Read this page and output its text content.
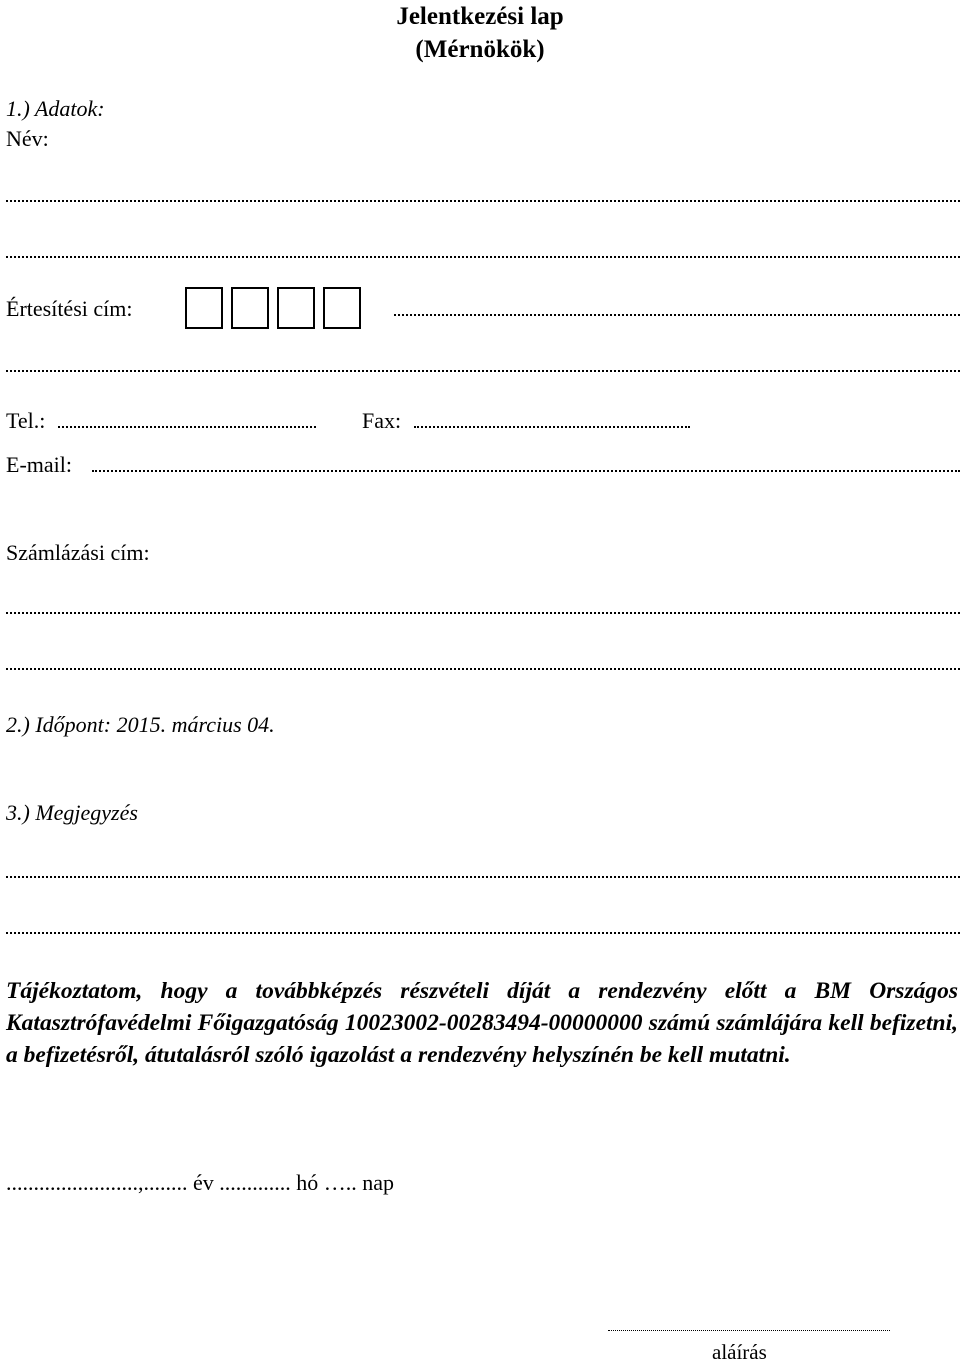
Jelentkezési lap
(Mérnökök)
1.) Adatok:
Név:
Értesítési cím:
Tel.:	Fax:
E-mail:
Számlázási cím:
2.) Időpont: 2015. március 04.
3.) Megjegyzés
Tájékoztatom, hogy a továbbképzés részvételi díját a rendezvény előtt a BM Országos Katasztrófavédelmi Főigazgatóság 10023002-00283494-00000000 számú számlájára kell befizetni, a befizetésről, átutalásról szóló igazolást a rendezvény helyszínén be kell mutatni.
........................,........ év ............. hó ….. nap
aláírás
